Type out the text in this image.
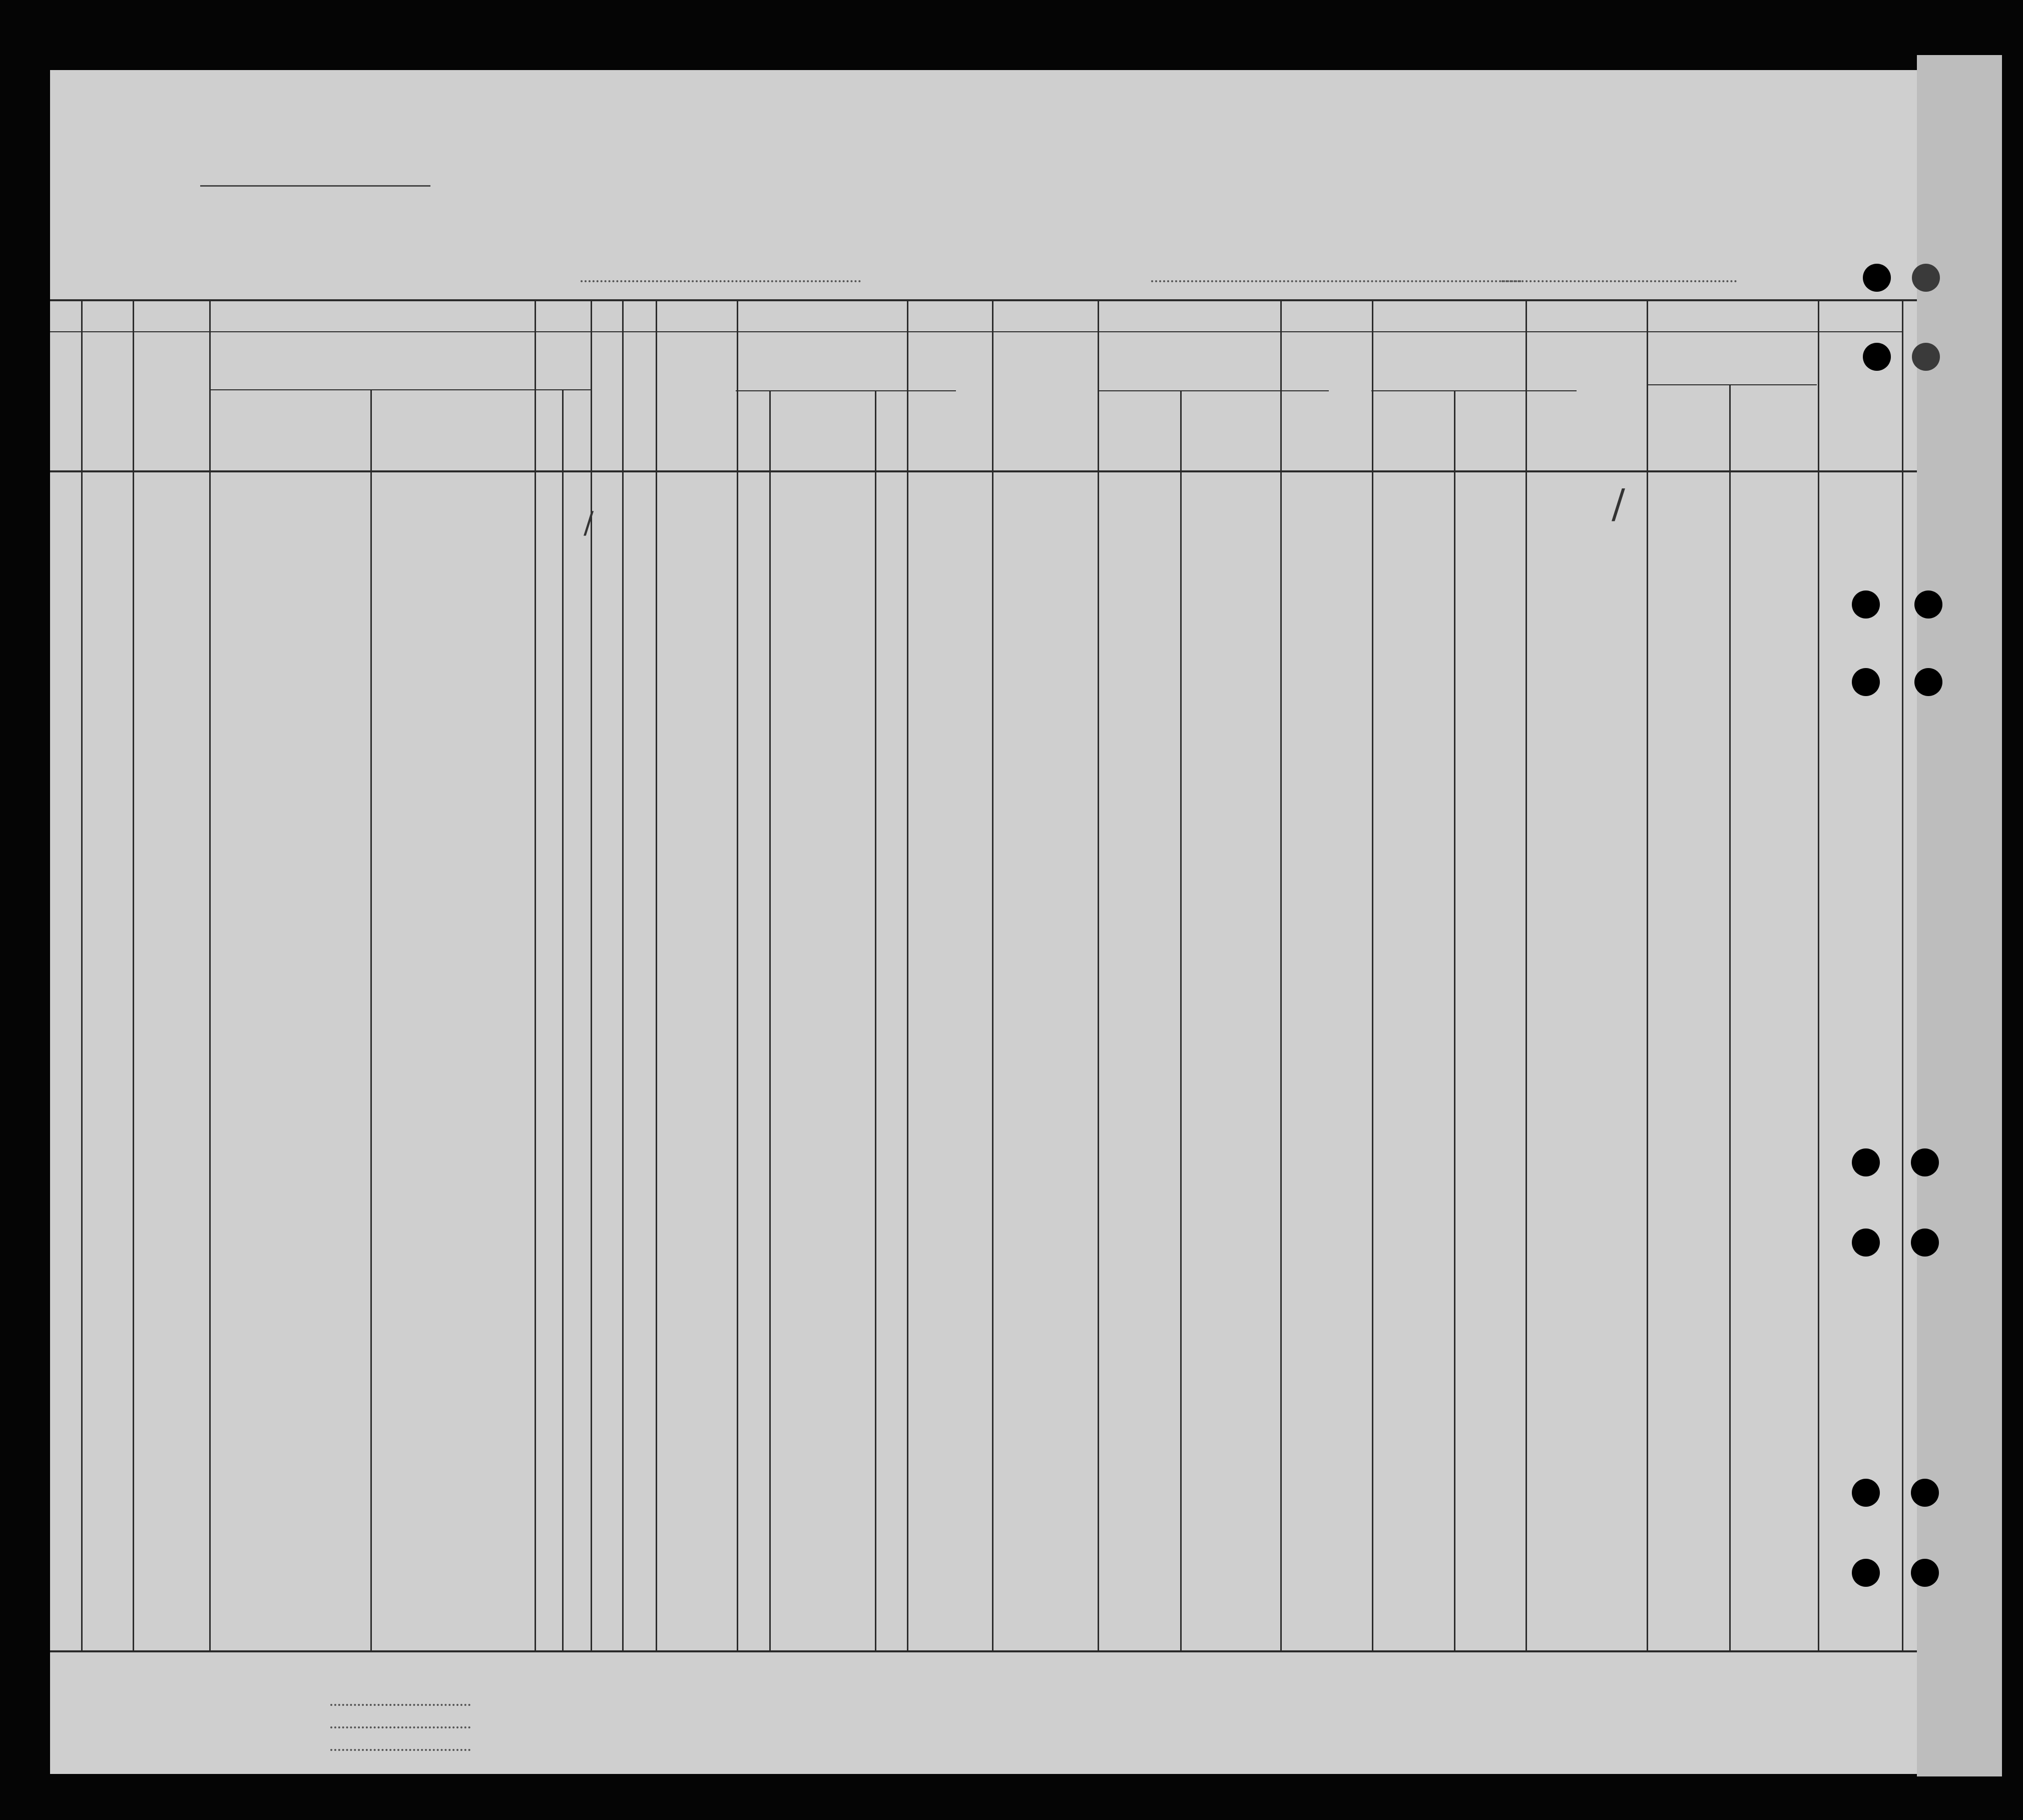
/	/
